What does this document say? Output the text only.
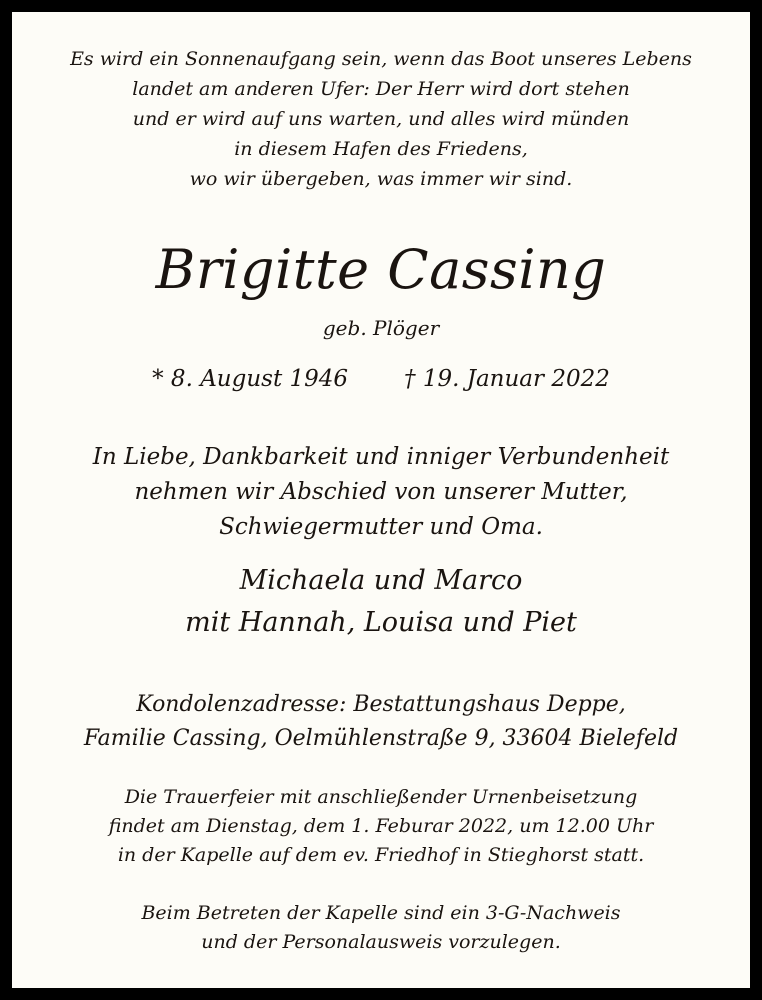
Es wird ein Sonnenaufgang sein, wenn das Boot unseres Lebens
landet am anderen Ufer: Der Herr wird dort stehen
und er wird auf uns warten, und alles wird münden
in diesem Hafen des Friedens,
wo wir übergeben, was immer wir sind.
Brigitte Cassing
geb. Plöger
* 8. August 1946 † 19. Januar 2022
In Liebe, Dankbarkeit und inniger Verbundenheit
nehmen wir Abschied von unserer Mutter,
Schwiegermutter und Oma.
Michaela und Marco
mit Hannah, Louisa und Piet
Kondolenzadresse: Bestattungshaus Deppe,
Familie Cassing, Oelmühlenstraße 9, 33604 Bielefeld
Die Trauerfeier mit anschließender Urnenbeisetzung
findet am Dienstag, dem 1. Feburar 2022, um 12.00 Uhr
in der Kapelle auf dem ev. Friedhof in Stieghorst statt.
Beim Betreten der Kapelle sind ein 3-G-Nachweis
und der Personalausweis vorzulegen.
